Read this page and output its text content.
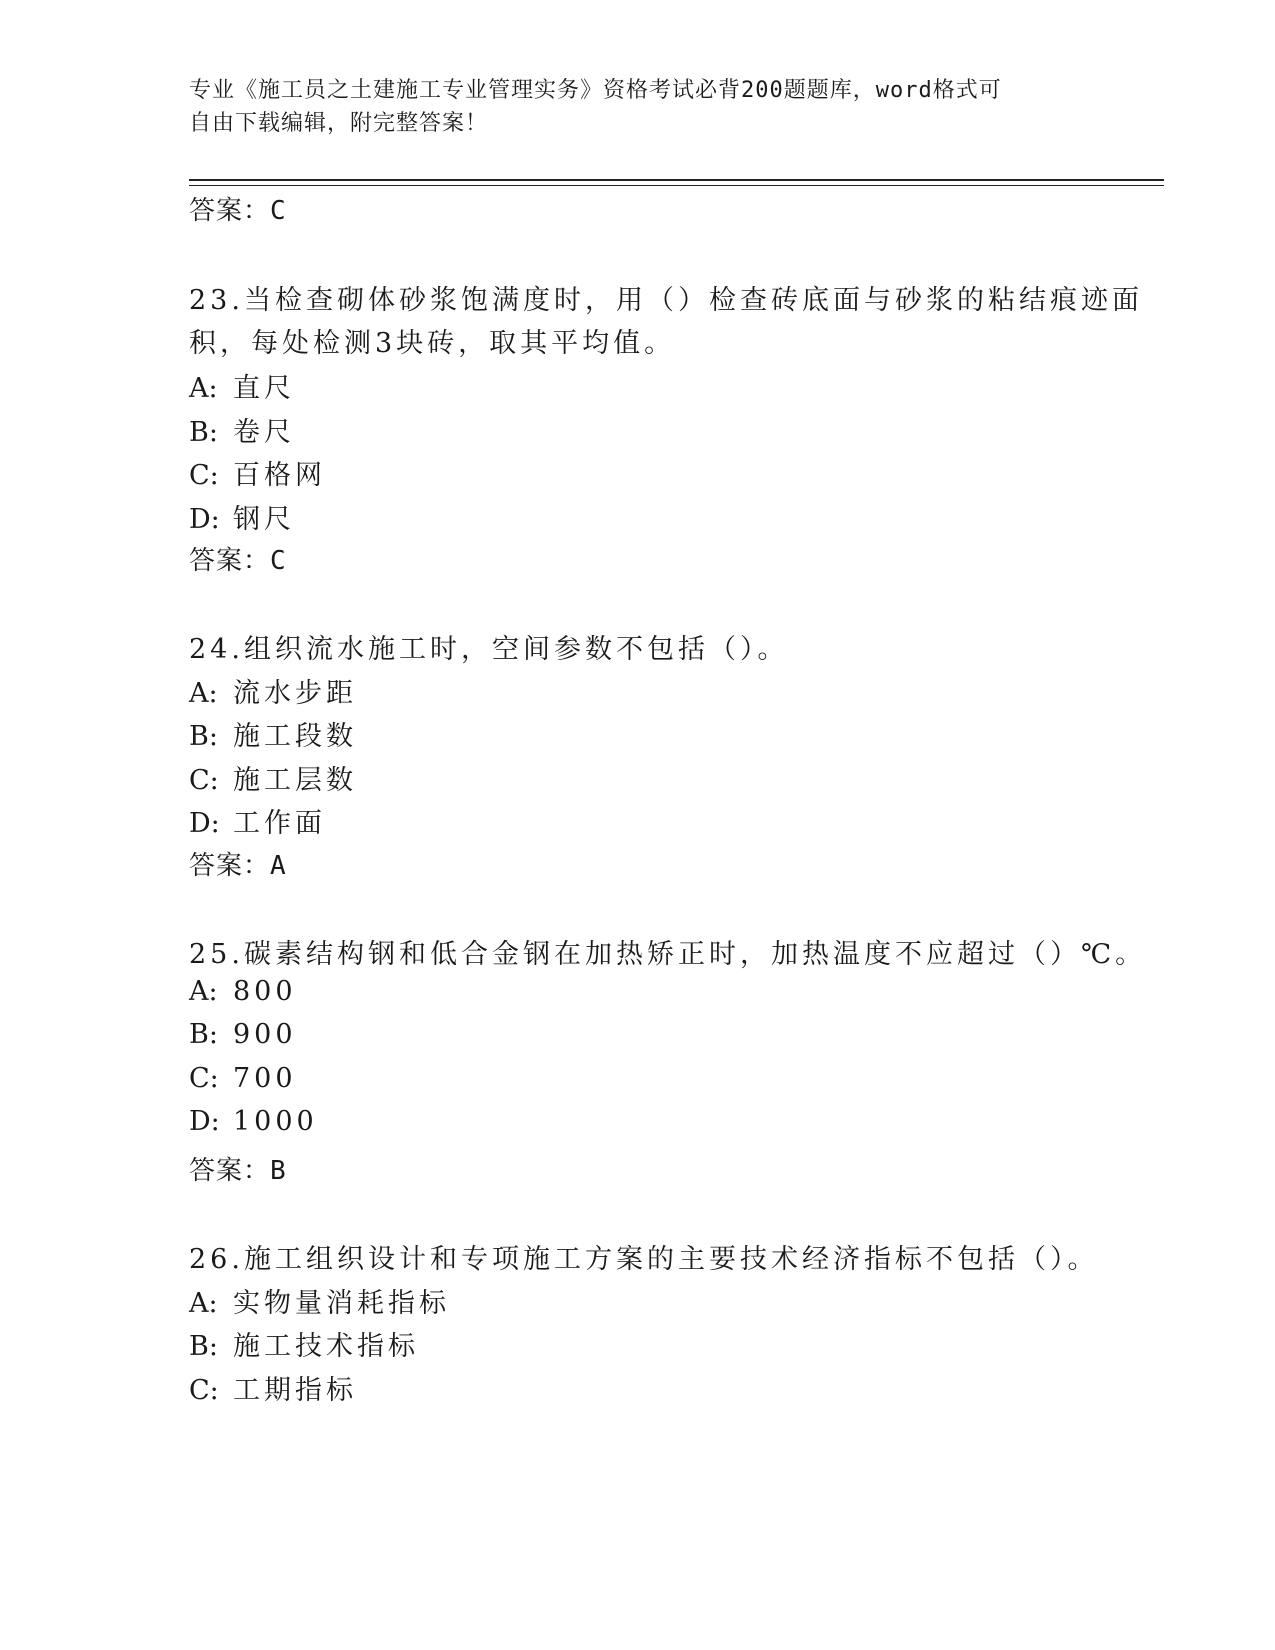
专业《施工员之土建施工专业管理实务》资格考试必背200题题库，word格式可
自由下载编辑，附完整答案！
答案：C
23.当检查砌体砂浆饱满度时，用（）检查砖底面与砂浆的粘结痕迹面
积，每处检测3块砖，取其平均值。
A: 直尺
B: 卷尺
C: 百格网
D: 钢尺
答案：C
24.组织流水施工时，空间参数不包括（）。
A: 流水步距
B: 施工段数
C: 施工层数
D: 工作面
答案：A
25.碳素结构钢和低合金钢在加热矫正时，加热温度不应超过（）℃。
A: 800
B: 900
C: 700
D: 1000
答案：B
26.施工组织设计和专项施工方案的主要技术经济指标不包括（）。
A: 实物量消耗指标
B: 施工技术指标
C: 工期指标
